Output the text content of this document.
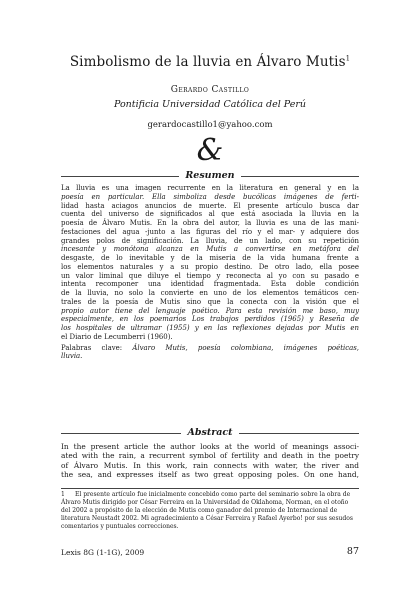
Simbolismo de la lluvia en Álvaro Mutis$^1$
Gerardo Castillo
Pontificia Universidad Católica del Perú
gerardocastillo1@yahoo.com
&
Resumen
La lluvia es una imagen recurrente en la literatura en general y en la
poesía en particular. Ella simboliza desde bucólicas imágenes de ferti-
lidad hasta aciagos anuncios de muerte. El presente artículo busca dar
cuenta del universo de significados al que está asociada la lluvia en la
poesía de Álvaro Mutis. En la obra del autor, la lluvia es una de las mani-
festaciones del agua -junto a las figuras del río y el mar- y adquiere dos
grandes polos de significación. La lluvia, de un lado, con su repetición
incesante y monótona alcanza en Mutis a convertirse en metáfora del
desgaste, de lo inevitable y de la miseria de la vida humana frente a
los elementos naturales y a su propio destino. De otro lado, ella posee
un valor liminal que diluye el tiempo y reconecta al yo con su pasado e
intenta recomponer una identidad fragmentada. Esta doble condición
de la lluvia, no solo la convierte en uno de los elementos temáticos cen-
trales de la poesía de Mutis sino que la conecta con la visión que el
propio autor tiene del lenguaje poético. Para esta revisión me baso, muy
especialmente, en los poemarios Los trabajos perdidos (1965) y Reseña de
los hospitales de ultramar (1955) y en las reflexiones dejadas por Mutis en
el Diario de Lecumberri (1960).
Palabras clave: Álvaro Mutis, poesía colombiana, imágenes poéticas,
lluvia.
Abstract
In the present article the author looks at the world of meanings associ-
ated with the rain, a recurrent symbol of fertility and death in the poetry
of Álvaro Mutis. In this work, rain connects with water, the river and
the sea, and expresses itself as two great opposing poles. On one hand,
1 El presente artículo fue inicialmente concebido como parte del seminario sobre la obra de
Álvaro Mutis dirigido por César Ferreira en la Universidad de Oklahoma, Norman, en el otoño
del 2002 a propósito de la elección de Mutis como ganador del premio de Internacional de
literatura Neustadt 2002. Mi agradecimiento a César Ferreira y Rafael Ayerbo! por sus sesudos
comentarios y puntuales correcciones.
Lexis 8G (1-1G), 2009	87
